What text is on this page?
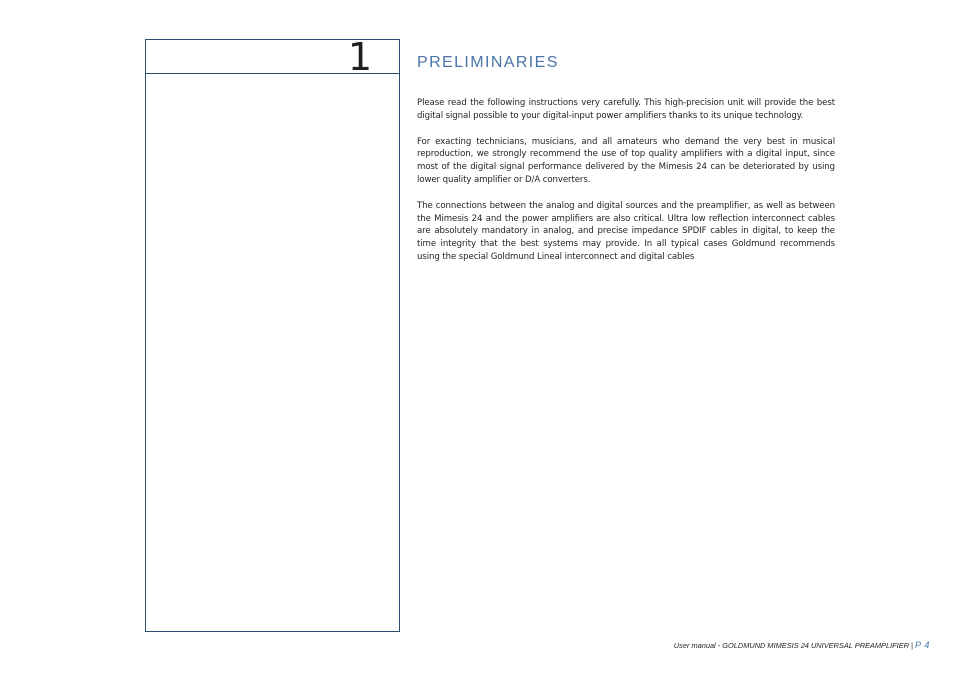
1	PRELIMINARIES

Please read the following instructions very carefully. This high-precision unit will provide the best digital signal possible to your digital-input power amplifiers thanks to its unique technology.

For exacting technicians, musicians, and all amateurs who demand the very best in musical reproduction, we strongly recommend the use of top quality amplifiers with a digital input, since most of the digital signal performance delivered by the Mimesis 24 can be deteriorated by using lower quality amplifier or D/A converters.

The connections between the analog and digital sources and the preamplifier, as well as between the Mimesis 24 and the power amplifiers are also critical. Ultra low reflection interconnect cables are absolutely mandatory in analog, and precise impedance SPDIF cables in digital, to keep the time integrity that the best systems may provide. In all typical cases Goldmund recommends using the special Goldmund Lineal interconnect and digital cables

User manual - GOLDMUND MIMESIS 24 UNIVERSAL PREAMPLIFIER | P 4
